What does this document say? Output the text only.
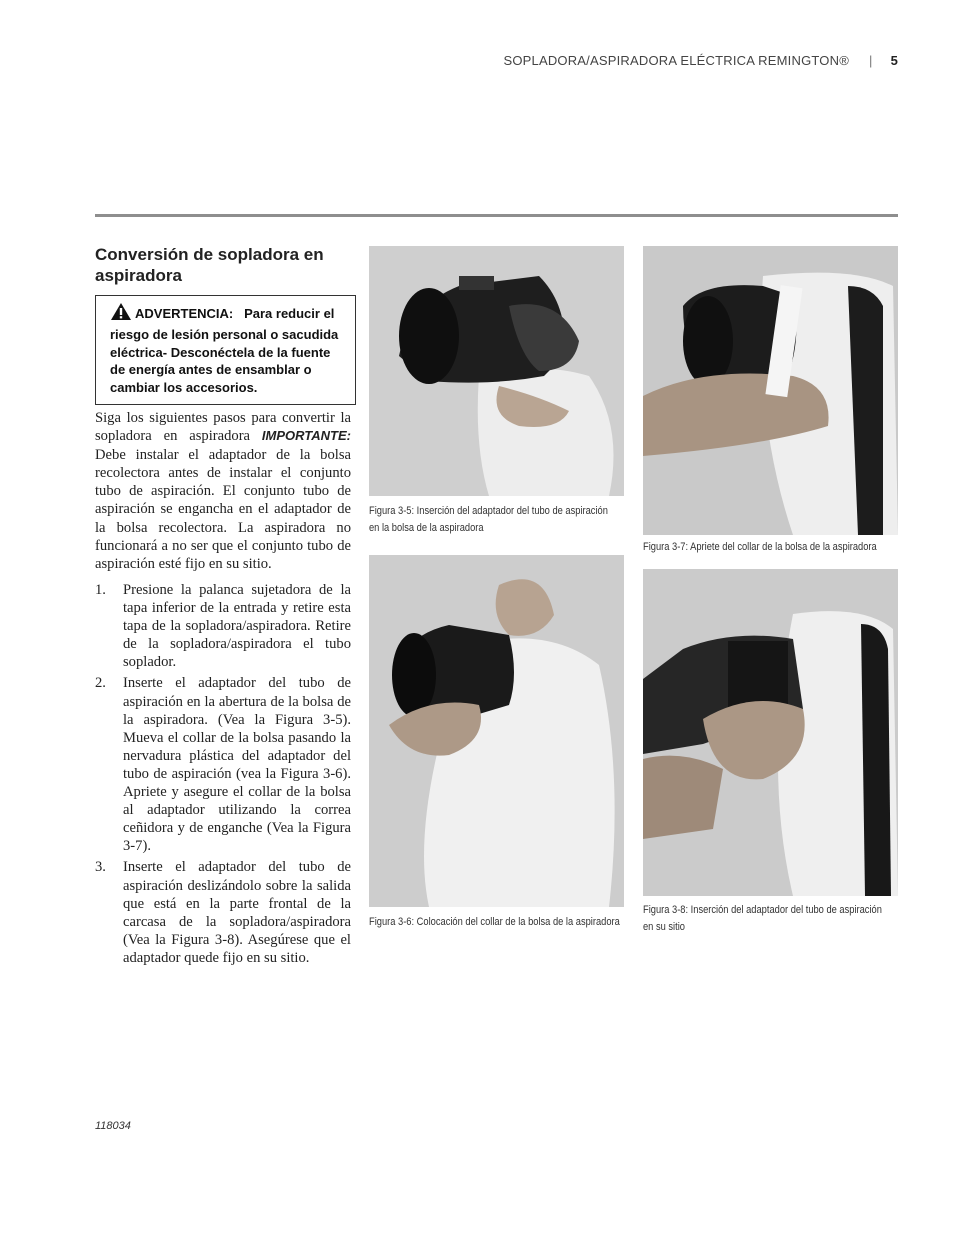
SOPLADORA/ASPIRADORA ELÉCTRICA REMINGTON® | 5
Conversión de sopladora en aspiradora
ADVERTENCIA: Para reducir el riesgo de lesión personal o sacudida eléctrica- Desconéctela de la fuente de energía antes de ensamblar o cambiar los accesorios.

Siga los siguientes pasos para convertir la sopladora en aspiradora IMPORTANTE: Debe instalar el adaptador de la bolsa recolectora antes de instalar el conjunto tubo de aspiración. El conjunto tubo de aspiración se engancha en el adaptador de la bolsa recolectora. La aspiradora no funcionará a no ser que el conjunto tubo de aspiración esté fijo en su sitio.

1. Presione la palanca sujetadora de la tapa inferior de la entrada y retire esta tapa de la sopladora/aspiradora. Retire de la sopladora/aspiradora el tubo soplador.
2. Inserte el adaptador del tubo de aspiración en la abertura de la bolsa de la aspiradora. (Vea la Figura 3-5). Mueva el collar de la bolsa pasando la nervadura plástica del adaptador del tubo de aspiración (vea la Figura 3-6). Apriete y asegure el collar de la bolsa al adaptador utilizando la correa ceñidora y de enganche (Vea la Figura 3-7).
3. Inserte el adaptador del tubo de aspiración deslizándolo sobre la salida que está en la parte frontal de la carcasa de la sopladora/aspiradora (Vea la Figura 3-8). Asegúrese que el adaptador quede fijo en su sitio.

Figura 3-5: Inserción del adaptador del tubo de aspiración
en la bolsa de la aspiradora

Figura 3-6: Colocación del collar de la bolsa de la aspiradora

Figura 3-7: Apriete del collar de la bolsa de la aspiradora

Figura 3-8: Inserción del adaptador del tubo de aspiración
en su sitio

118034
